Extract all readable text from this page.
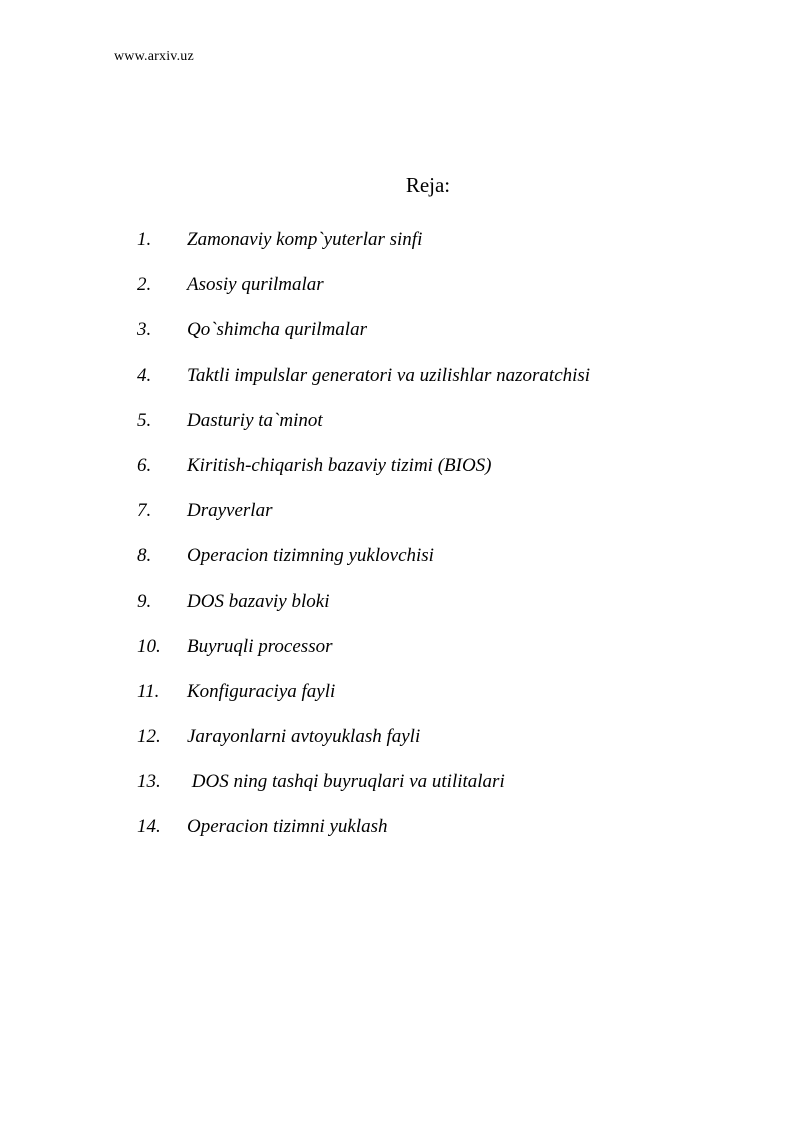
www.arxiv.uz
Reja:
1. Zamonaviy komp`yuterlar sinfi
2. Asosiy qurilmalar
3. Qo`shimcha qurilmalar
4. Taktli impulslar generatori va uzilishlar nazoratchisi
5. Dasturiy ta`minot
6. Kiritish-chiqarish bazaviy tizimi (BIOS)
7. Drayverlar
8. Operacion tizimning yuklovchisi
9. DOS bazaviy bloki
10. Buyruqli processor
11. Konfiguraciya fayli
12. Jarayonlarni avtoyuklash fayli
13. DOS ning tashqi buyruqlari va utilitalari
14. Operacion tizimni yuklash
